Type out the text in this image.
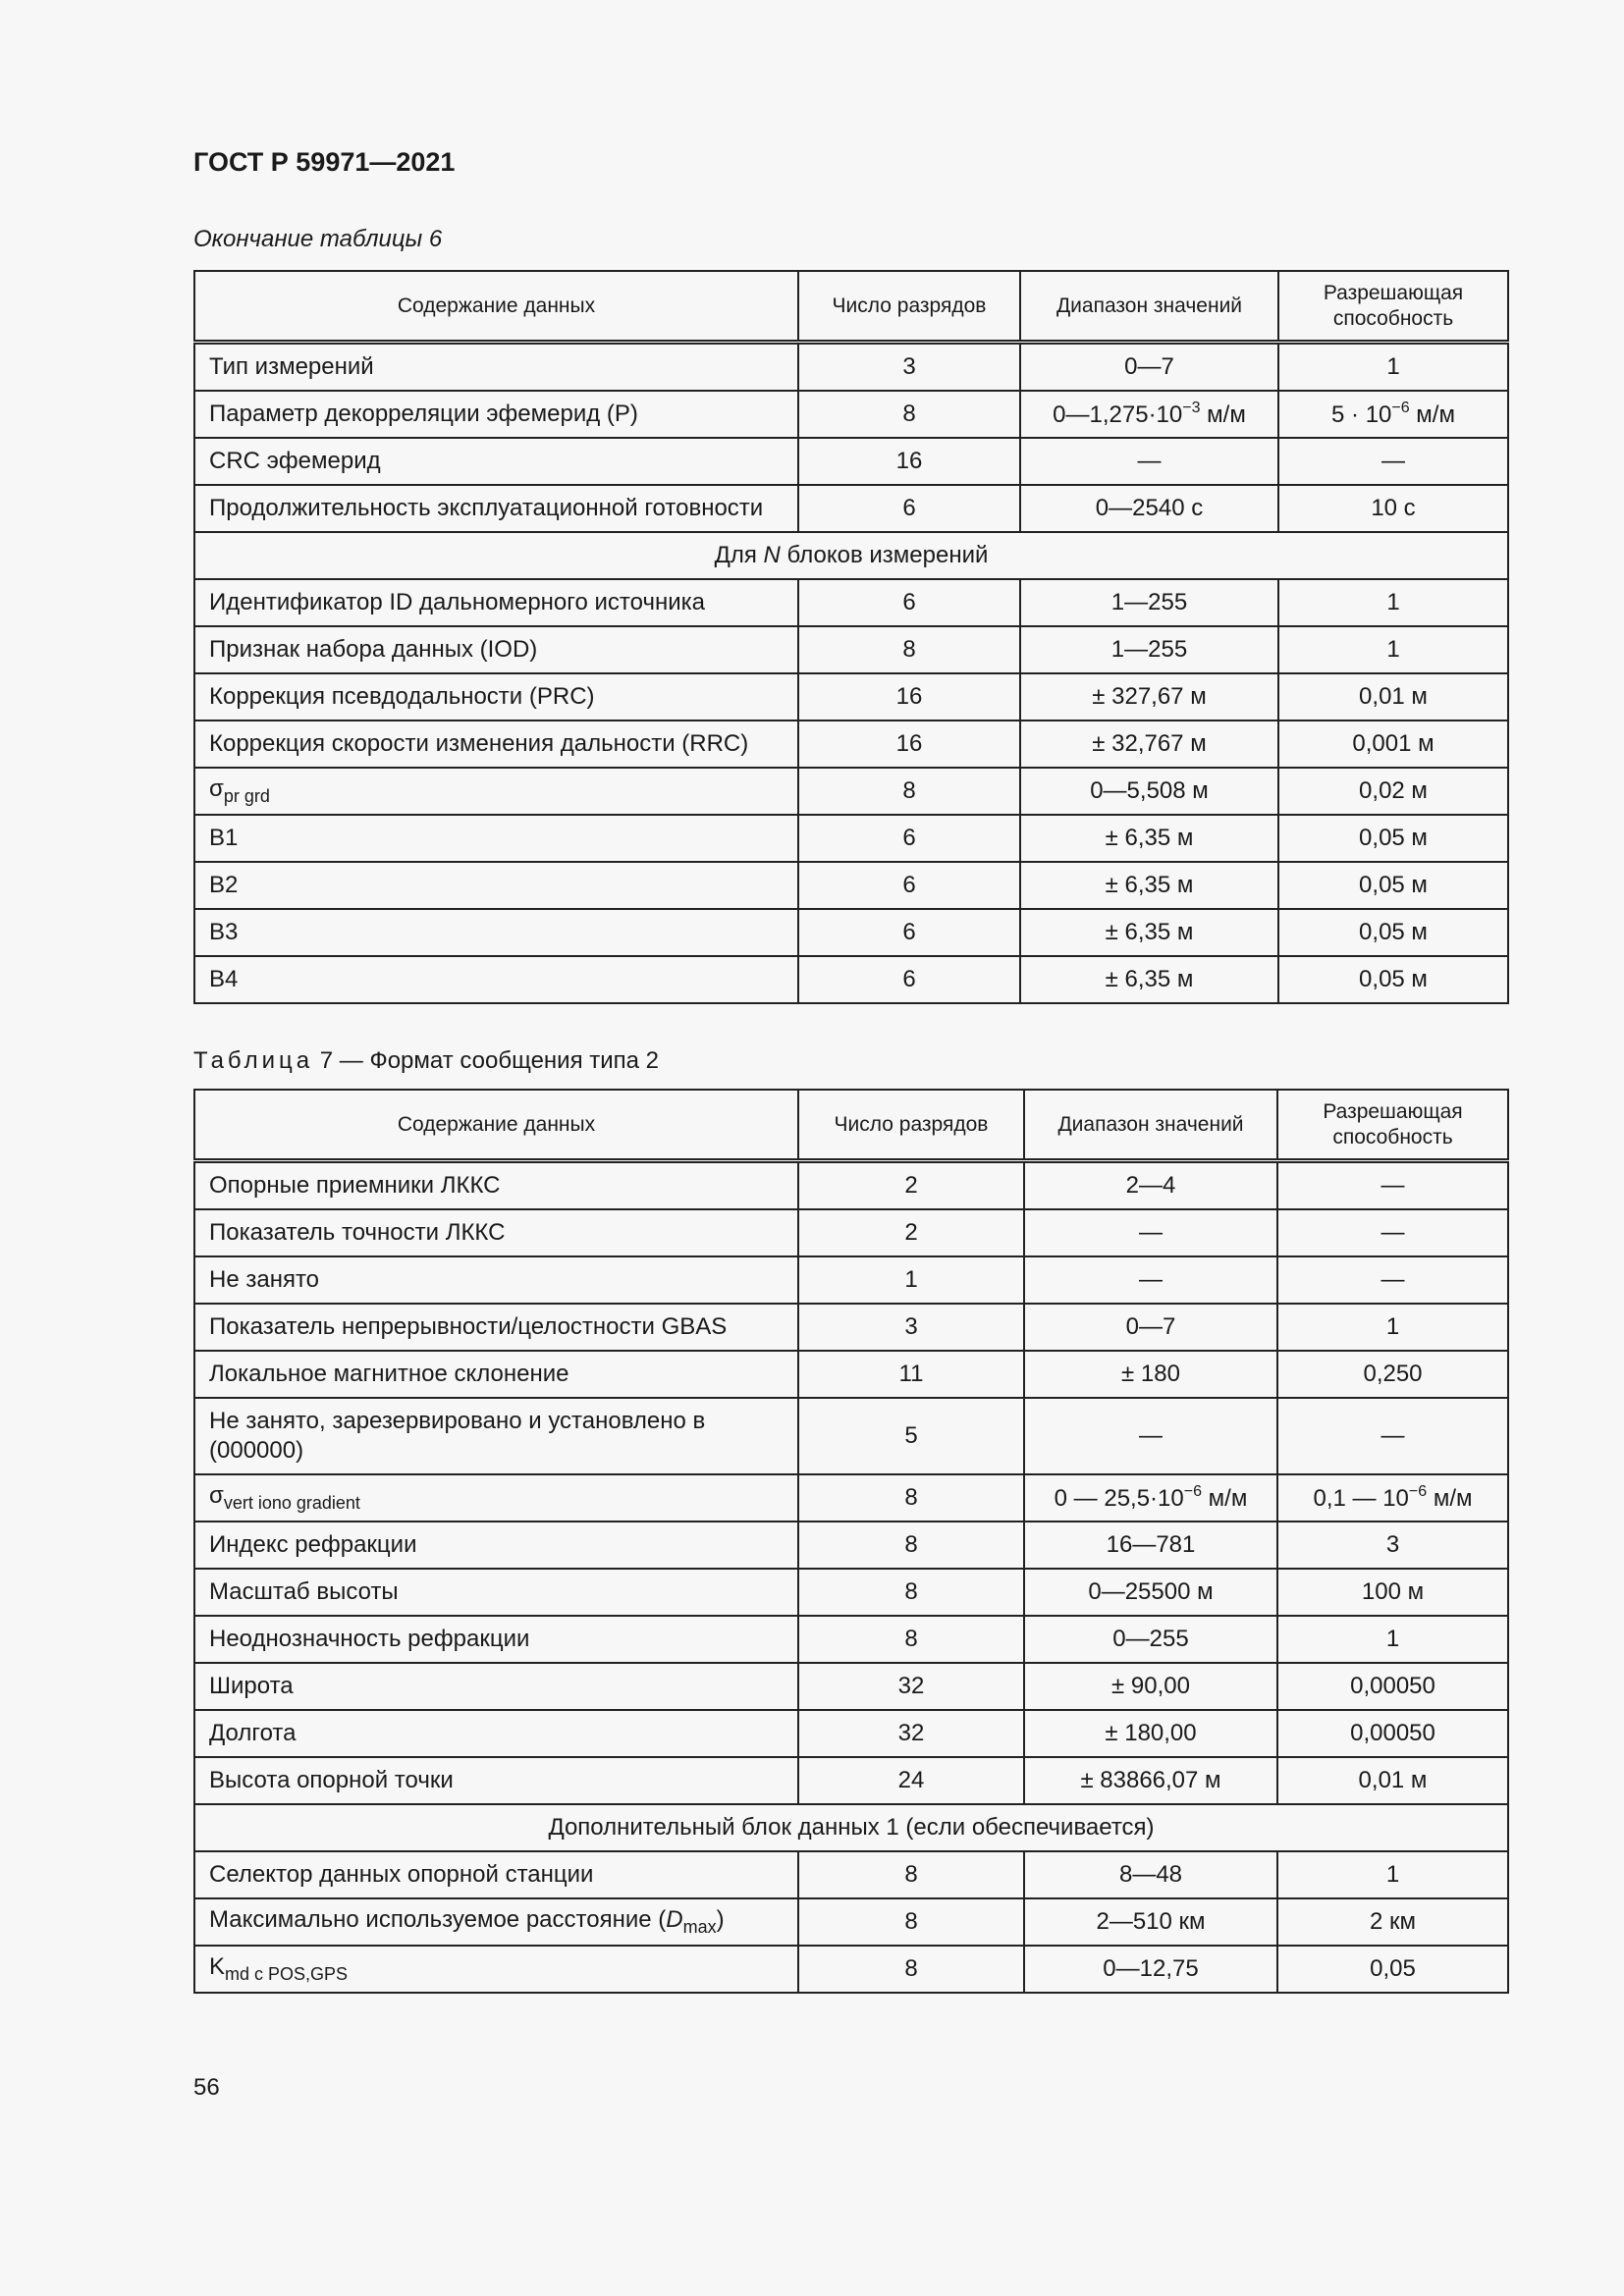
ГОСТ Р 59971—2021
Окончание таблицы 6
Содержание данных	Число разрядов	Диапазон значений	Разрешающая способность
Тип измерений	3	0—7	1
Параметр декорреляции эфемерид (P)	8	$0—1,275\cdot 10^{-3}$ м/м	$5 \cdot 10^{-6}$ м/м
CRC эфемерид	16	—	—
Продолжительность эксплуатационной готовности	6	0—2540 с	10 с
Для N блоков измерений			
Идентификатор ID дальномерного источника	6	1—255	1
Признак набора данных (IOD)	8	1—255	1
Коррекция псевдодальности (PRC)	16	± 327,67 м	0,01 м
Коррекция скорости изменения дальности (RRC)	16	± 32,767 м	0,001 м
$\sigma_{pr grd}$	8	0—5,508 м	0,02 м
B1	6	± 6,35 м	0,05 м
B2	6	± 6,35 м	0,05 м
B3	6	± 6,35 м	0,05 м
B4	6	± 6,35 м	0,05 м
Таблица 7 — Формат сообщения типа 2
Содержание данных	Число разрядов	Диапазон значений	Разрешающая способность
Опорные приемники ЛККС	2	2—4	—
Показатель точности ЛККС	2	—	—
Не занято	1	—	—
Показатель непрерывности/целостности GBAS	3	0—7	1
Локальное магнитное склонение	11	± 180	0,250
Не занято, зарезервировано и установлено в (000000)	5	—	—
$\sigma_{vert iono gradient}$	8	0 — $25,5\cdot 10^{-6}$ м/м	0,1 — $10^{-6}$ м/м
Индекс рефракции	8	16—781	3
Масштаб высоты	8	0—25500 м	100 м
Неоднозначность рефракции	8	0—255	1
Широта	32	± 90,00	0,00050
Долгота	32	± 180,00	0,00050
Высота опорной точки	24	± 83866,07 м	0,01 м
Дополнительный блок данных 1 (если обеспечивается)			
Селектор данных опорной станции	8	8—48	1
Максимально используемое расстояние $(D_{max})$	8	2—510 км	2 км
$K_{md c POS,GPS}$	8	0—12,75	0,05
56
